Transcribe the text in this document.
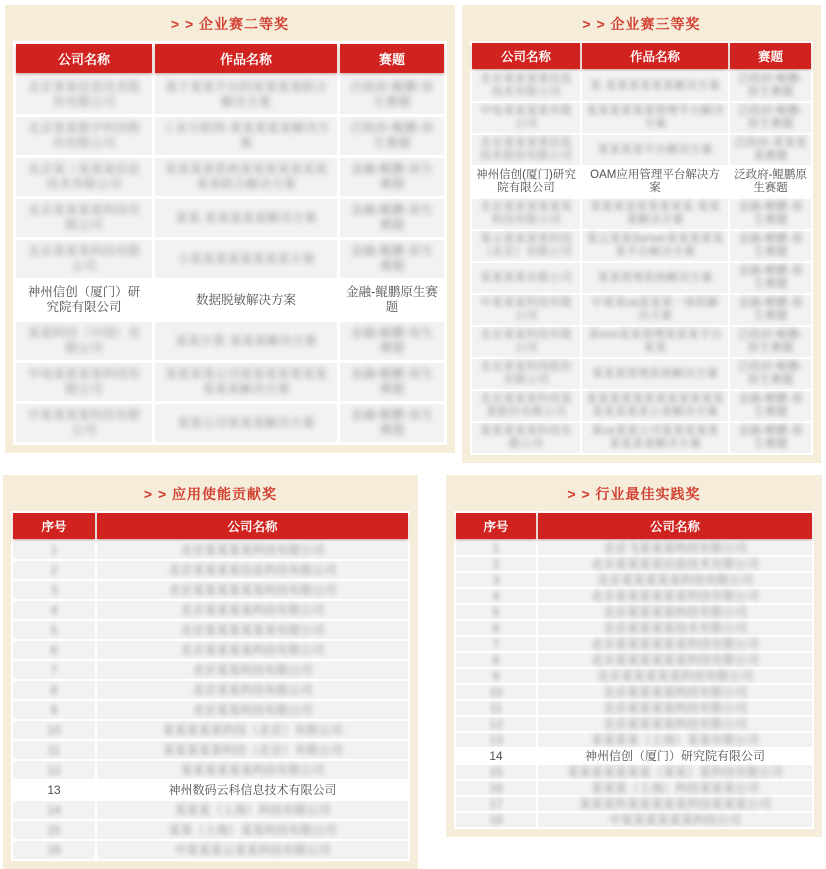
> > 企业赛二等奖
公司名称	作品名称	赛题
北京某某信息技术股份有限公司	基于某某平台的某某某某联合解决方案	泛政府-鲲鹏·原生赛题
北京某某数字科技股份有限公司	工业互联网·某某某某某解决方案	泛政府-鲲鹏·原生赛题
北京某三某某某信息技术有限公司	某某某某系统某某某某某某某某某联合解决方案	金融-鲲鹏·原生赛题
北京某某某某科技有限公司	某某·某某某某某解决方案	金融-鲲鹏·原生赛题
北京某某某科技有限公司	小某某某某某某某某方案	金融-鲲鹏·原生赛题
神州信创（厦门）研究院有限公司	数据脱敏解决方案	金融-鲲鹏原生赛题
某某科技（中国）有限公司	某某计算·某某某解决方案	金融-鲲鹏·原生赛题
中电某某某某科技有限公司	某某某某公司某某某某某某某某某某解决方案	金融-鲲鹏·原生赛题
中某某某某科技有限公司	某某公司某某某解决方案	金融-鲲鹏·原生赛题
> > 企业赛三等奖
公司名称	作品名称	赛题
北京某某某某信息技术有限公司	某·某某某某某某解决方案	泛政府-鲲鹏·原生赛题
中电某某某某有限公司	某某某某某某管理平台解决方案	泛政府-鲲鹏·原生赛题
北京某某某某信息技术股份有限公司	某某某某平台解决方案	泛政府-某某某某赛题
神州信创(厦门)研究院有限公司	OAM应用管理平台解决方案	泛政府-鲲鹏原生赛题
北京某某某某某某科技有限公司	某某某金某某某某某·某某某解决方案	金融-鲲鹏·原生赛题
某云某某某某科技（北京）有限公司	某云某某Server某某某某某某平台解决方案	金融-鲲鹏·原生赛题
某某某某有限公司	某某管理系统解决方案	金融-鲲鹏·原生赛题
中某某某科技有限公司	中某某ca某某某一体机解决方案	金融-鲲鹏·原生赛题
北京某某科技有限公司	某mm某某管理某某某平台某某	泛政府-鲲鹏·原生赛题
北京某某科技股份有限公司	某某某管理系统解决方案	泛政府-鲲鹏·原生赛题
北京某某某科技某某股份有限公司	某某某某某某某某某某某某某某某某某公某解决方案	金融-鲲鹏·原生赛题
某某某某某科技有限公司	某ce某某公司某某某某某某某某某解决方案	金融-鲲鹏·原生赛题
> > 应用使能贡献奖
序号	公司名称
1	北京某某某某科技有限公司
2	北京某某某某信息科技有限公司
3	北京某某某某某某科技有限公司
4	北京某某某某科技有限公司
5	北京某某某某某某有限公司
6	北京某某某某科技有限公司
7	北京某某科技有限公司
8	北京某某科技有限公司
9	北京某某科技有限公司
10	某某某某某科技（北京）有限公司
11	某某某某某科技（北京）有限公司
12	某某某某某某科技有限公司
13	神州数码云科信息技术有限公司
14	某某某（上海）科技有限公司
15	某某（上海）某某科技有限公司
16	中某某某云某某科技有限公司
> > 行业最佳实践奖
序号	公司名称
1	北京飞某某某科技有限公司
2	北京某某某某信息技术有限公司
3	北京某某某某某科技有限公司
4	北京某某某某某某科技有限公司
5	北京某某某某科技有限公司
6	北京某某某某技术有限公司
7	北京某某某某某某科技有限公司
8	北京某某某某某某科技有限公司
9	北京某某某某某科技有限公司
10	北京某某某某科技有限公司
11	北京某某某某科技有限公司
12	北京某某某某科技有限公司
13	某某某某（上海）某某有限公司
14	神州信创（厦门）研究院有限公司
15	某某某某某某某（某某）某科技有限公司
16	某某某（上海）科技某某某公司
17	某某某科某某某某某科技某某某公司
18	中某某某某某某科技公司
